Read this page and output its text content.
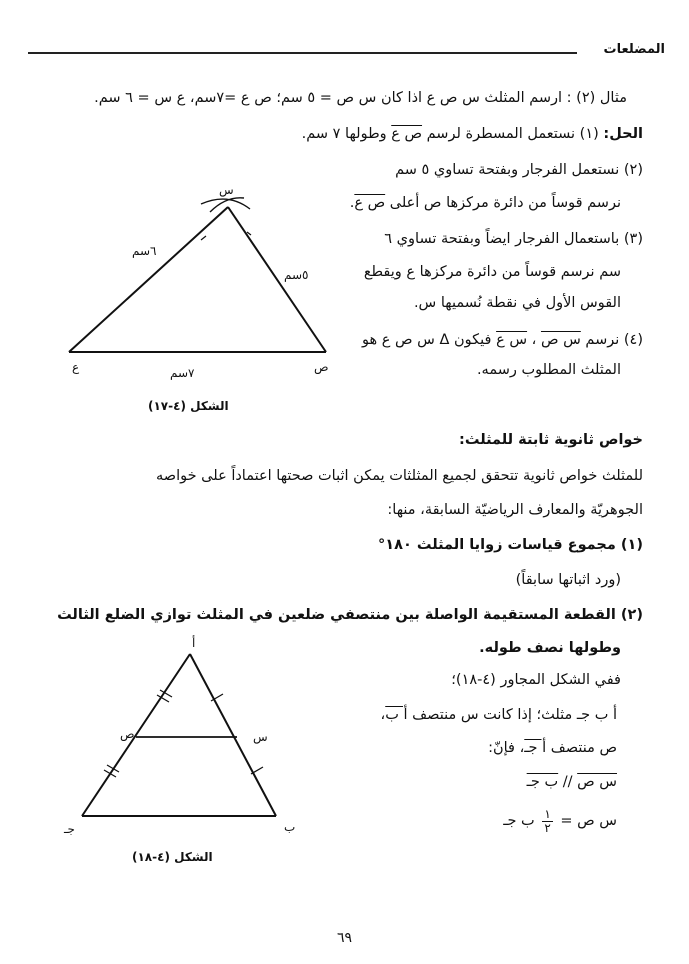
المضلعات
مثال (٢) : ارسم المثلث س ص ع اذا كان س ص = ٥ سم؛ ص ع =٧سم، ع س = ٦ سم.
الحل: (١) نستعمل المسطرة لرسم ص ع وطولها ٧ سم.
(٢) نستعمل الفرجار وبفتحة تساوي ٥ سم
نرسم قوساً من دائرة مركزها ص أعلى ص ع.
(٣) باستعمال الفرجار ايضاً وبفتحة تساوي ٦
سم نرسم قوساً من دائرة مركزها ع ويقطع
القوس الأول في نقطة نُسميها س.
(٤) نرسم س ص ، س ع فيكون Δ س ص ع هو
المثلث المطلوب رسمه.
س
ع	ص
٦سم
٥سم
٧سم
الشكل (٤-١٧)
خواص ثانوية ثابتة للمثلث:
للمثلث خواص ثانوية تتحقق لجميع المثلثات يمكن اثبات صحتها اعتماداً على خواصه
الجوهريّة والمعارف الرياضيّة السابقة، منها:
(١) مجموع قياسات زوايا المثلث ١٨٠°
(ورد اثباتها سابقاً)
(٢) القطعة المستقيمة الواصلة بين منتصفي ضلعين في المثلث توازي الضلع الثالث
وطولها نصف طوله.
ففي الشكل المجاور (٤-١٨)؛
أ ب جـ مثلث؛ إذا كانت س منتصف أ ب،
ص منتصف أ جـ، فإنّ:
س ص // ب جـ
س ص =
$\frac{١}{٢}$
ب جـ
أ
جـ	ب
ص	س
الشكل (٤-١٨)
٦٩
